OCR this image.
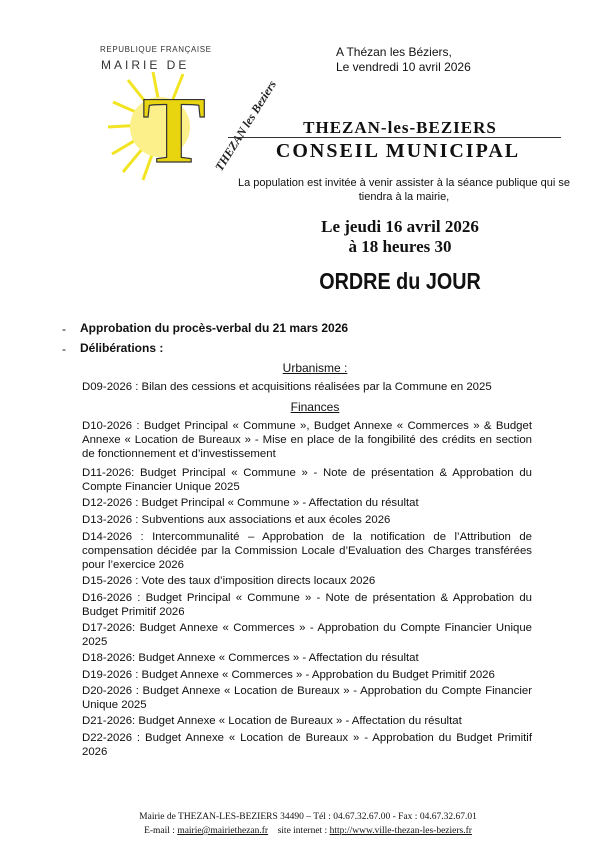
REPUBLIQUE FRANÇAISE
MAIRIE DE
T THEZAN les Beziers
A Thézan les Béziers,
Le vendredi 10 avril 2026
THEZAN-les-BEZIERS
CONSEIL MUNICIPAL
La population est invitée à venir assister à la séance publique qui se tiendra à la mairie,
Le jeudi 16 avril 2026
à 18 heures 30
ORDRE du JOUR
- Approbation du procès-verbal du 21 mars 2026
- Délibérations :
Urbanisme :
D09-2026 : Bilan des cessions et acquisitions réalisées par la Commune en 2025
Finances
D10-2026 : Budget Principal « Commune », Budget Annexe « Commerces » & Budget Annexe « Location de Bureaux » - Mise en place de la fongibilité des crédits en section de fonctionnement et d’investissement
D11-2026: Budget Principal « Commune » - Note de présentation & Approbation du Compte Financier Unique 2025
D12-2026 : Budget Principal « Commune » - Affectation du résultat
D13-2026 : Subventions aux associations et aux écoles 2026
D14-2026 : Intercommunalité – Approbation de la notification de l’Attribution de compensation décidée par la Commission Locale d’Evaluation des Charges transférées pour l’exercice 2026
D15-2026 : Vote des taux d’imposition directs locaux 2026
D16-2026 : Budget Principal « Commune » - Note de présentation & Approbation du Budget Primitif 2026
D17-2026: Budget Annexe « Commerces » - Approbation du Compte Financier Unique 2025
D18-2026: Budget Annexe « Commerces » - Affectation du résultat
D19-2026 : Budget Annexe « Commerces » - Approbation du Budget Primitif 2026
D20-2026 : Budget Annexe « Location de Bureaux » - Approbation du Compte Financier Unique 2025
D21-2026: Budget Annexe « Location de Bureaux » - Affectation du résultat
D22-2026 : Budget Annexe « Location de Bureaux » - Approbation du Budget Primitif 2026
Mairie de THEZAN-LES-BEZIERS 34490 – Tél : 04.67.32.67.00 - Fax : 04.67.32.67.01
E-mail : mairie@mairiethezan.fr site internet : http://www.ville-thezan-les-beziers.fr
